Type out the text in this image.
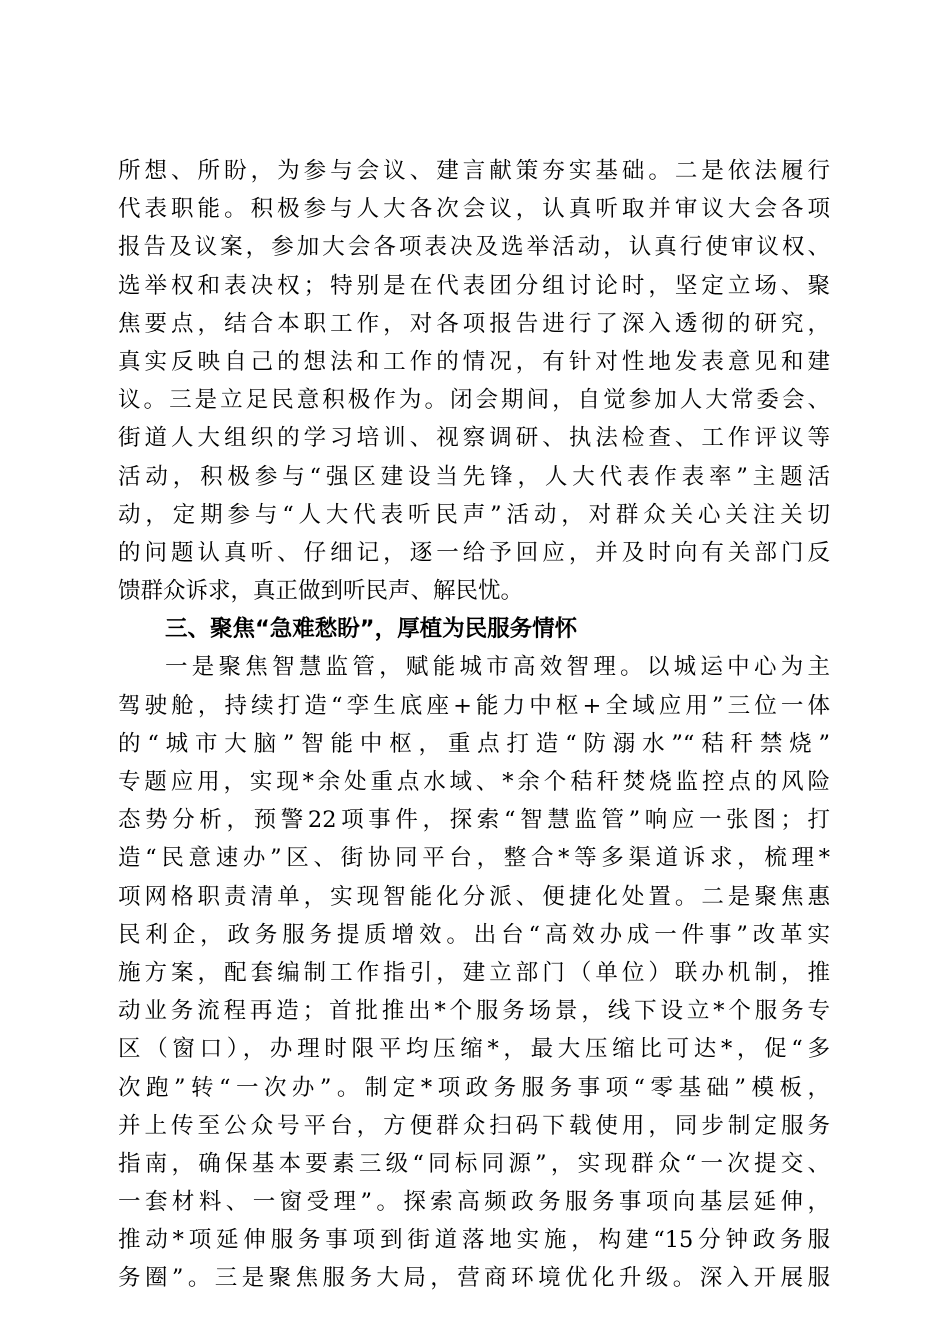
所想、所盼，为参与会议、建言献策夯实基础。二是依法履行
代表职能。积极参与人大各次会议，认真听取并审议大会各项
报告及议案，参加大会各项表决及选举活动，认真行使审议权、
选举权和表决权；特别是在代表团分组讨论时，坚定立场、聚
焦要点，结合本职工作，对各项报告进行了深入透彻的研究，
真实反映自己的想法和工作的情况，有针对性地发表意见和建
议。三是立足民意积极作为。闭会期间，自觉参加人大常委会、
街道人大组织的学习培训、视察调研、执法检查、工作评议等
活动，积极参与“强区建设当先锋，人大代表作表率”主题活
动，定期参与“人大代表听民声”活动，对群众关心关注关切
的问题认真听、仔细记，逐一给予回应，并及时向有关部门反
馈群众诉求，真正做到听民声、解民忧。
三、聚焦“急难愁盼”，厚植为民服务情怀
一是聚焦智慧监管，赋能城市高效智理。以城运中心为主
驾驶舱，持续打造“孪生底座+能力中枢+全域应用”三位一体
的“城市大脑”智能中枢，重点打造“防溺水”“秸秆禁烧”
专题应用，实现*余处重点水域、*余个秸秆焚烧监控点的风险
态势分析，预警22项事件，探索“智慧监管”响应一张图；打
造“民意速办”区、街协同平台，整合*等多渠道诉求，梳理*
项网格职责清单，实现智能化分派、便捷化处置。二是聚焦惠
民利企，政务服务提质增效。出台“高效办成一件事”改革实
施方案，配套编制工作指引，建立部门（单位）联办机制，推
动业务流程再造；首批推出*个服务场景，线下设立*个服务专
区（窗口），办理时限平均压缩*，最大压缩比可达*，促“多
次跑”转“一次办”。制定*项政务服务事项“零基础”模板，
并上传至公众号平台，方便群众扫码下载使用，同步制定服务
指南，确保基本要素三级“同标同源”，实现群众“一次提交、
一套材料、一窗受理”。探索高频政务服务事项向基层延伸，
推动*项延伸服务事项到街道落地实施，构建“15分钟政务服
务圈”。三是聚焦服务大局，营商环境优化升级。深入开展服
